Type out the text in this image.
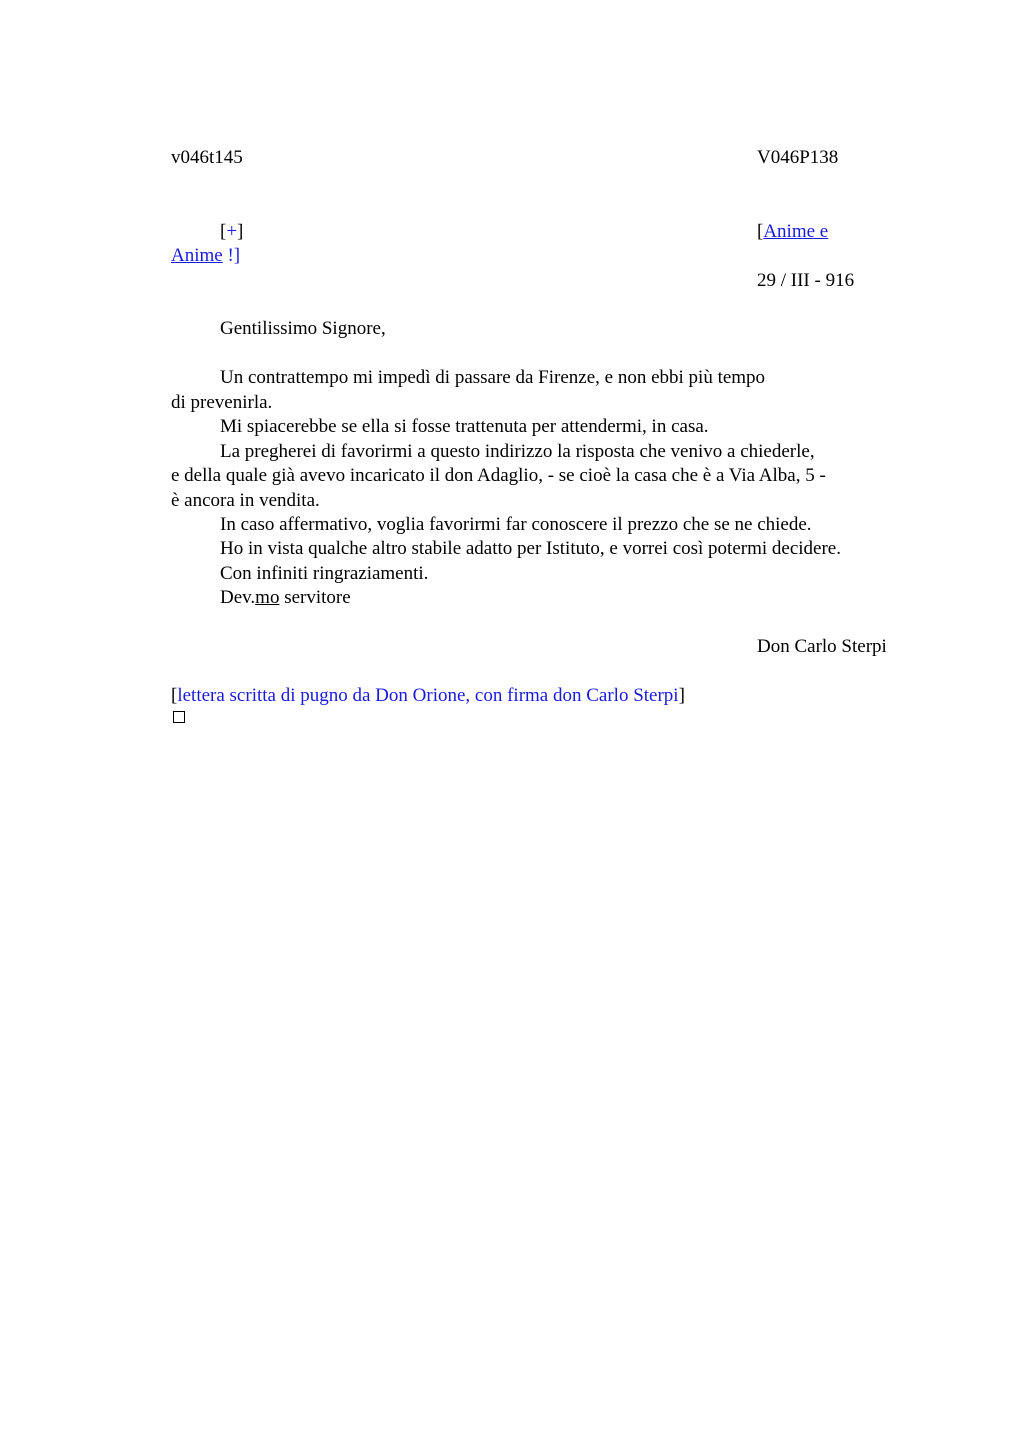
v046t145	V046P138
[+]
Anime !]
[Anime e
29 / III - 916
Gentilissimo Signore,
Un contrattempo mi impedì di passare da Firenze, e non ebbi più tempo
di prevenirla.
Mi spiacerebbe se ella si fosse trattenuta per attendermi, in casa.
La pregherei di favorirmi a questo indirizzo la risposta che venivo a chiederle,
e della quale già avevo incaricato il don Adaglio, - se cioè la casa che è a Via Alba, 5 -
è ancora in vendita.
In caso affermativo, voglia favorirmi far conoscere il prezzo che se ne chiede.
Ho in vista qualche altro stabile adatto per Istituto, e vorrei così potermi decidere.
Con infiniti ringraziamenti.
Dev.mo servitore
Don Carlo Sterpi
[lettera scritta di pugno da Don Orione, con firma don Carlo Sterpi]
